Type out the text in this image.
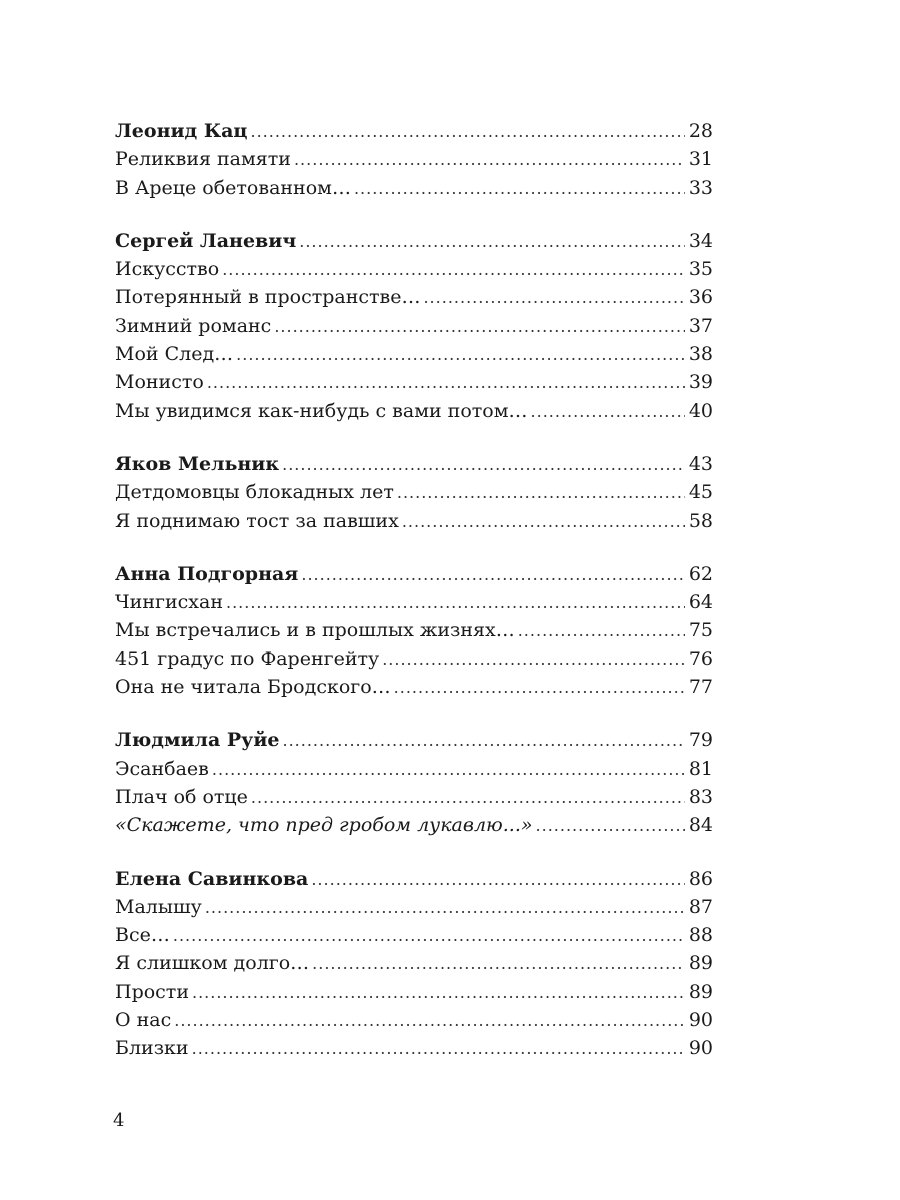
Леонид Кац .....	28
Реликвия памяти .....	31
В Ареце обетованном… .....	33
Сергей Ланевич .....	34
Искусство .....	35
Потерянный в пространстве… .....	36
Зимний романс .....	37
Мой След… .....	38
Монисто .....	39
Мы увидимся как-нибудь с вами потом… .....	40
Яков Мельник .....	43
Детдомовцы блокадных лет .....	45
Я поднимаю тост за павших .....	58
Анна Подгорная .....	62
Чингисхан .....	64
Мы встречались и в прошлых жизнях… .....	75
451 градус по Фаренгейту .....	76
Она не читала Бродского… .....	77
Людмила Руйе .....	79
Эсанбаев .....	81
Плач об отце .....	83
«Скажете, что пред гробом лукавлю...» .....	84
Елена Савинкова .....	86
Малышу .....	87
Все… .....	88
Я слишком долго… .....	89
Прости .....	89
О нас .....	90
Близки .....	90
4
